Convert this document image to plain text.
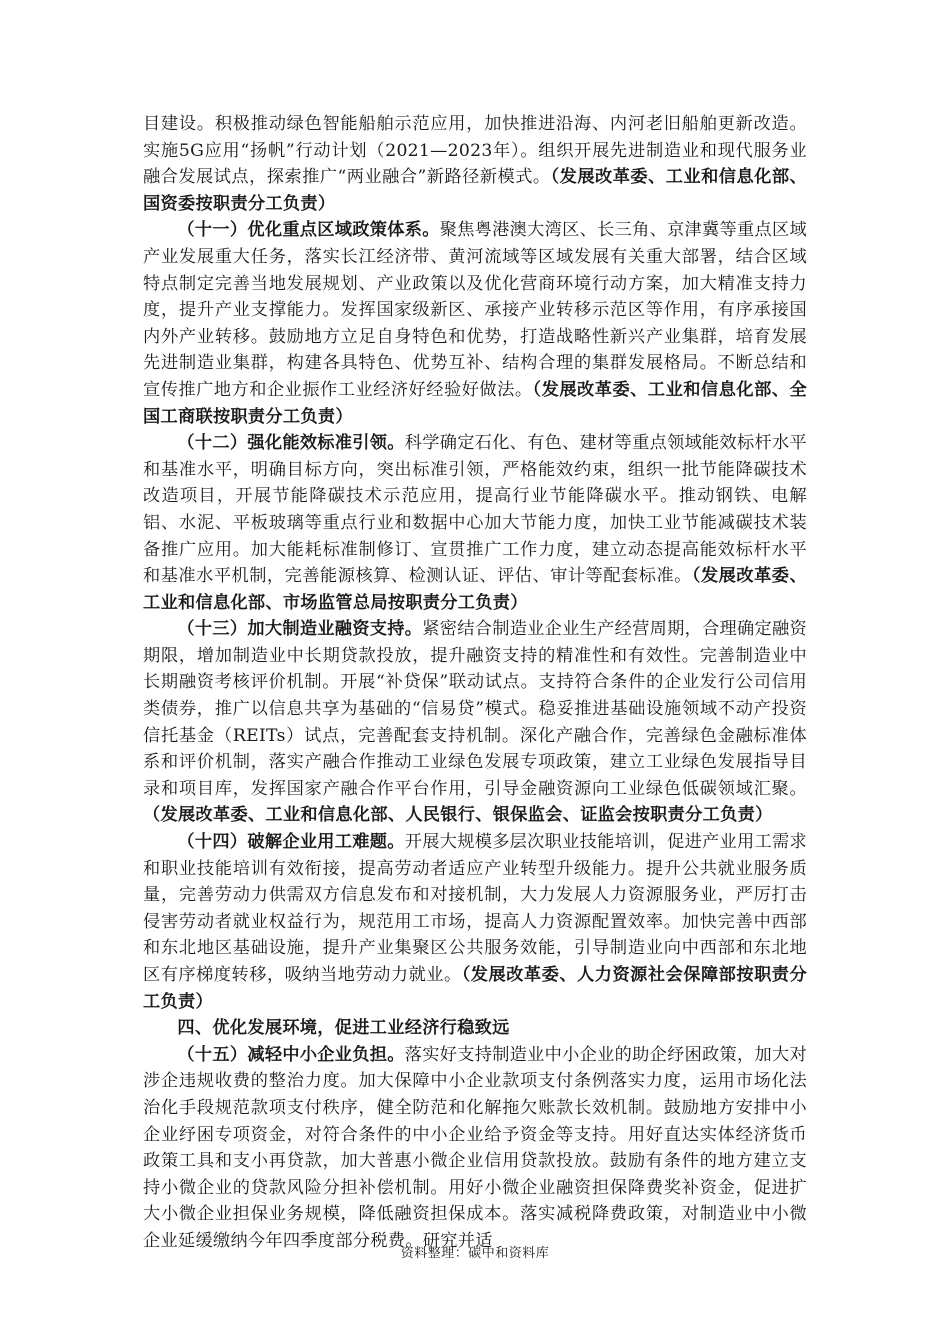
目建设。积极推动绿色智能船舶示范应用，加快推进沿海、内河老旧船舶更新改造。实施5G应用“扬帆”行动计划（2021—2023年）。组织开展先进制造业和现代服务业融合发展试点，探索推广“两业融合”新路径新模式。（发展改革委、工业和信息化部、国资委按职责分工负责）

（十一）优化重点区域政策体系。聚焦粤港澳大湾区、长三角、京津冀等重点区域产业发展重大任务，落实长江经济带、黄河流域等区域发展有关重大部署，结合区域特点制定完善当地发展规划、产业政策以及优化营商环境行动方案，加大精准支持力度，提升产业支撑能力。发挥国家级新区、承接产业转移示范区等作用，有序承接国内外产业转移。鼓励地方立足自身特色和优势，打造战略性新兴产业集群，培育发展先进制造业集群，构建各具特色、优势互补、结构合理的集群发展格局。不断总结和宣传推广地方和企业振作工业经济好经验好做法。（发展改革委、工业和信息化部、全国工商联按职责分工负责）

（十二）强化能效标准引领。科学确定石化、有色、建材等重点领域能效标杆水平和基准水平，明确目标方向，突出标准引领，严格能效约束，组织一批节能降碳技术改造项目，开展节能降碳技术示范应用，提高行业节能降碳水平。推动钢铁、电解铝、水泥、平板玻璃等重点行业和数据中心加大节能力度，加快工业节能减碳技术装备推广应用。加大能耗标准制修订、宣贯推广工作力度，建立动态提高能效标杆水平和基准水平机制，完善能源核算、检测认证、评估、审计等配套标准。（发展改革委、工业和信息化部、市场监管总局按职责分工负责）

（十三）加大制造业融资支持。紧密结合制造业企业生产经营周期，合理确定融资期限，增加制造业中长期贷款投放，提升融资支持的精准性和有效性。完善制造业中长期融资考核评价机制。开展“补贷保”联动试点。支持符合条件的企业发行公司信用类债券，推广以信息共享为基础的“信易贷”模式。稳妥推进基础设施领域不动产投资信托基金（REITs）试点，完善配套支持机制。深化产融合作，完善绿色金融标准体系和评价机制，落实产融合作推动工业绿色发展专项政策，建立工业绿色发展指导目录和项目库，发挥国家产融合作平台作用，引导金融资源向工业绿色低碳领域汇聚。（发展改革委、工业和信息化部、人民银行、银保监会、证监会按职责分工负责）

（十四）破解企业用工难题。开展大规模多层次职业技能培训，促进产业用工需求和职业技能培训有效衔接，提高劳动者适应产业转型升级能力。提升公共就业服务质量，完善劳动力供需双方信息发布和对接机制，大力发展人力资源服务业，严厉打击侵害劳动者就业权益行为，规范用工市场，提高人力资源配置效率。加快完善中西部和东北地区基础设施，提升产业集聚区公共服务效能，引导制造业向中西部和东北地区有序梯度转移，吸纳当地劳动力就业。（发展改革委、人力资源社会保障部按职责分工负责）

四、优化发展环境，促进工业经济行稳致远

（十五）减轻中小企业负担。落实好支持制造业中小企业的助企纾困政策，加大对涉企违规收费的整治力度。加大保障中小企业款项支付条例落实力度，运用市场化法治化手段规范款项支付秩序，健全防范和化解拖欠账款长效机制。鼓励地方安排中小企业纾困专项资金，对符合条件的中小企业给予资金等支持。用好直达实体经济货币政策工具和支小再贷款，加大普惠小微企业信用贷款投放。鼓励有条件的地方建立支持小微企业的贷款风险分担补偿机制。用好小微企业融资担保降费奖补资金，促进扩大小微企业担保业务规模，降低融资担保成本。落实减税降费政策，对制造业中小微企业延缓缴纳今年四季度部分税费。研究并适

资料整理：碳中和资料库
